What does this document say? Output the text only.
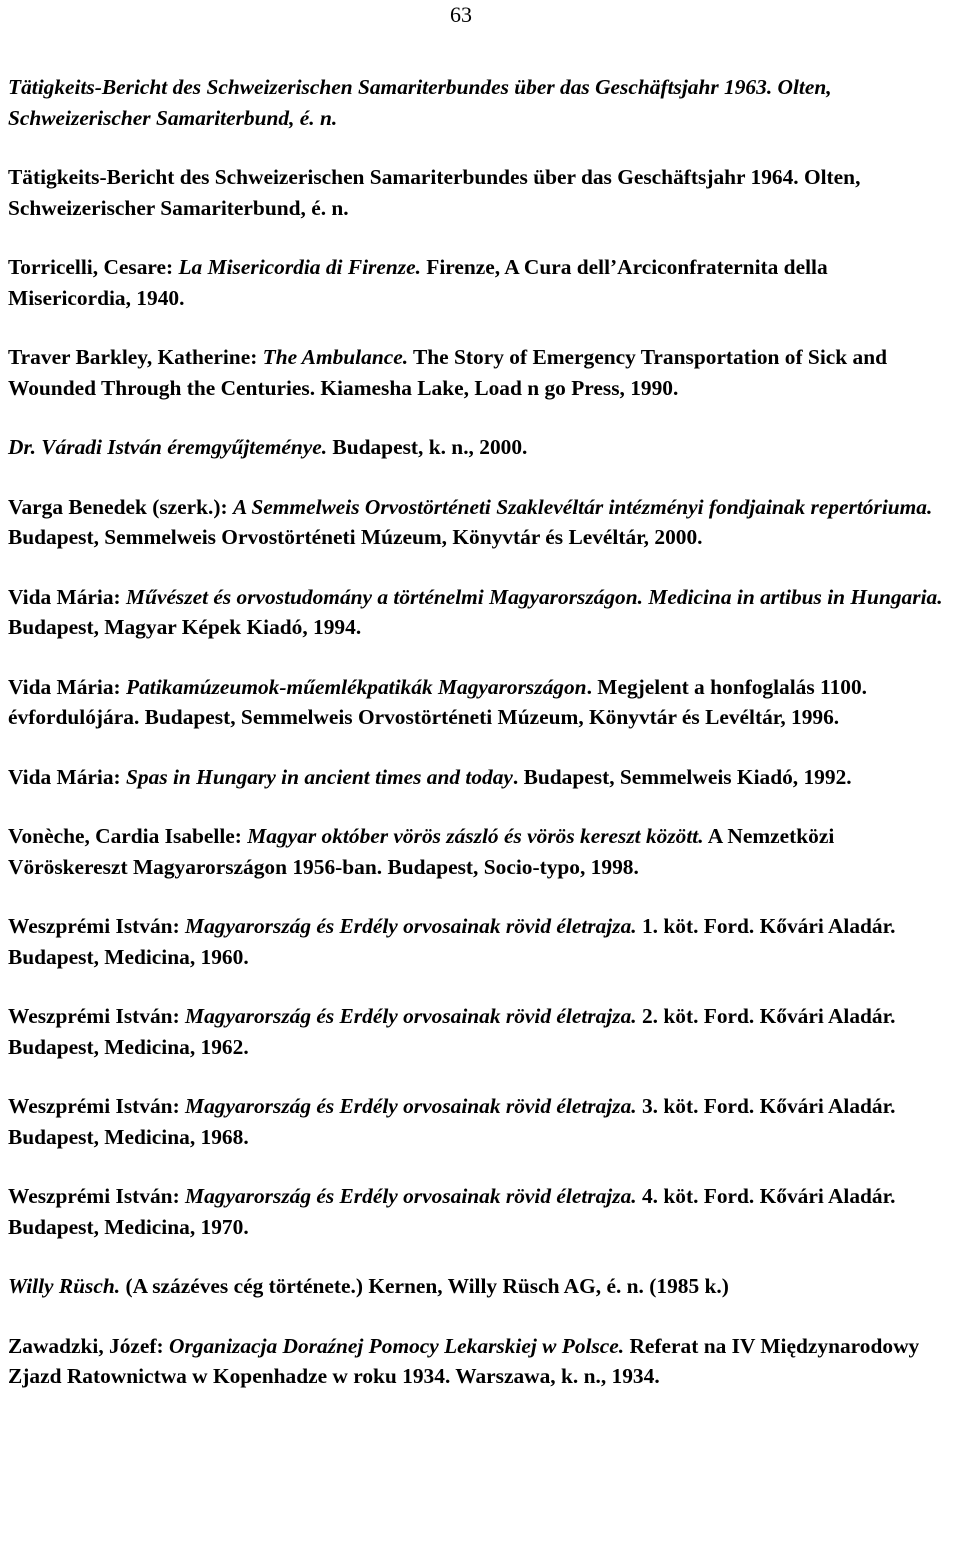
63

Tätigkeits-Bericht des Schweizerischen Samariterbundes über das Geschäftsjahr 1963. Olten, Schweizerischer Samariterbund, é. n.

Tätigkeits-Bericht des Schweizerischen Samariterbundes über das Geschäftsjahr 1964. Olten, Schweizerischer Samariterbund, é. n.

Torricelli, Cesare: La Misericordia di Firenze. Firenze, A Cura dell’Arciconfraternita della Misericordia, 1940.

Traver Barkley, Katherine: The Ambulance. The Story of Emergency Transportation of Sick and Wounded Through the Centuries. Kiamesha Lake, Load n go Press, 1990.

Dr. Váradi István éremgyűjteménye. Budapest, k. n., 2000.

Varga Benedek (szerk.): A Semmelweis Orvostörténeti Szaklevéltár intézményi fondjainak repertóriuma. Budapest, Semmelweis Orvostörténeti Múzeum, Könyvtár és Levéltár, 2000.

Vida Mária: Művészet és orvostudomány a történelmi Magyarországon. Medicina in artibus in Hungaria. Budapest, Magyar Képek Kiadó, 1994.

Vida Mária: Patikamúzeumok-műemlékpatikák Magyarországon. Megjelent a honfoglalás 1100. évfordulójára. Budapest, Semmelweis Orvostörténeti Múzeum, Könyvtár és Levéltár, 1996.

Vida Mária: Spas in Hungary in ancient times and today. Budapest, Semmelweis Kiadó, 1992.

Vonèche, Cardia Isabelle: Magyar október vörös zászló és vörös kereszt között. A Nemzetközi Vöröskereszt Magyarországon 1956-ban. Budapest, Socio-typo, 1998.

Weszprémi István: Magyarország és Erdély orvosainak rövid életrajza. 1. köt. Ford. Kővári Aladár. Budapest, Medicina, 1960.

Weszprémi István: Magyarország és Erdély orvosainak rövid életrajza. 2. köt. Ford. Kővári Aladár. Budapest, Medicina, 1962.

Weszprémi István: Magyarország és Erdély orvosainak rövid életrajza. 3. köt. Ford. Kővári Aladár. Budapest, Medicina, 1968.

Weszprémi István: Magyarország és Erdély orvosainak rövid életrajza. 4. köt. Ford. Kővári Aladár. Budapest, Medicina, 1970.

Willy Rüsch. (A százéves cég története.) Kernen, Willy Rüsch AG, é. n. (1985 k.)

Zawadzki, Józef: Organizacja Doraźnej Pomocy Lekarskiej w Polsce. Referat na IV Międzynarodowy Zjazd Ratownictwa w Kopenhadze w roku 1934. Warszawa, k. n., 1934.
